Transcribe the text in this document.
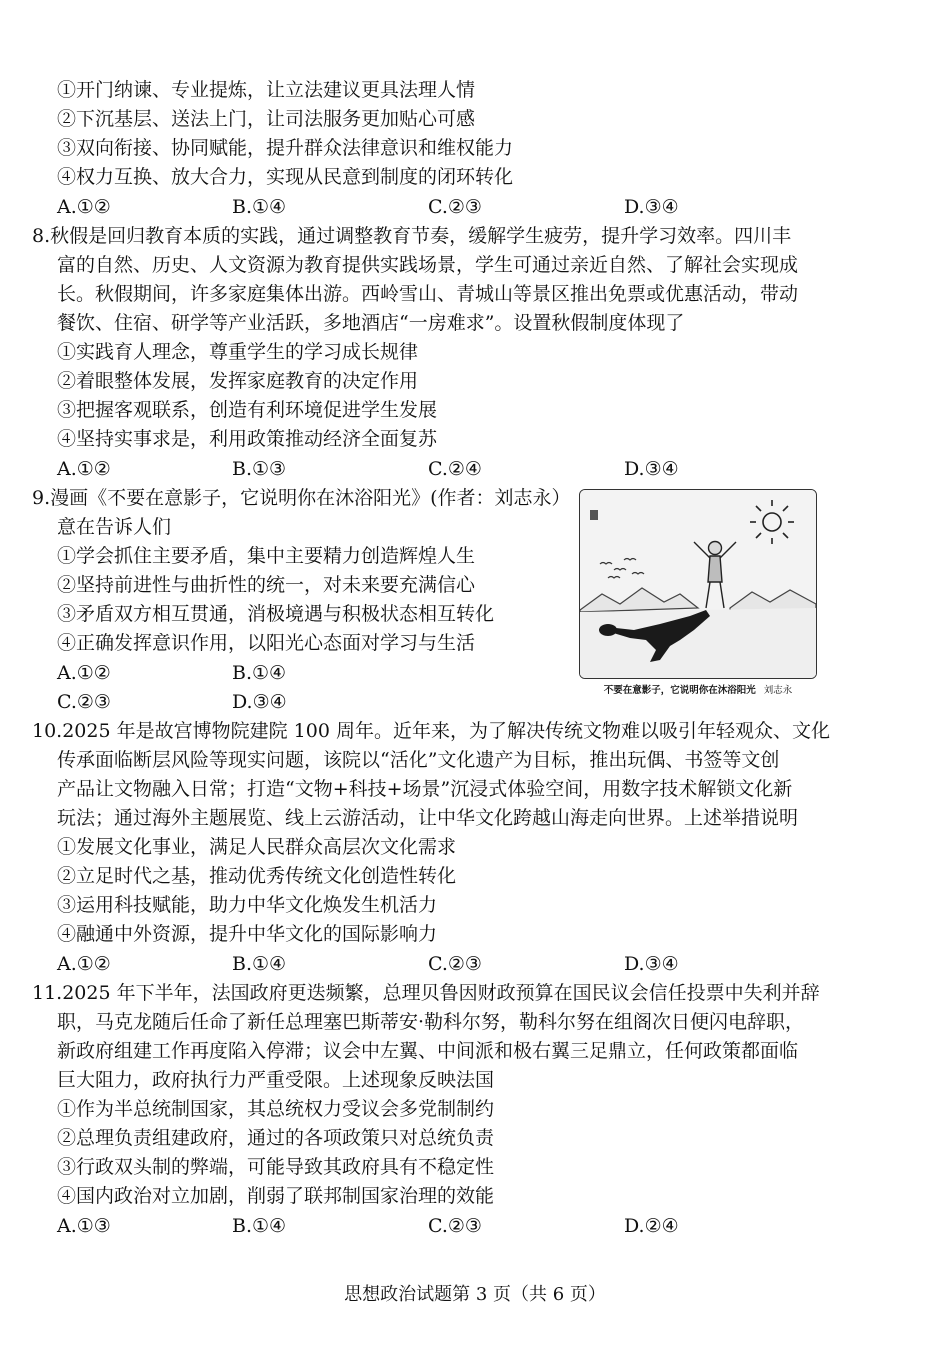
①开门纳谏、专业提炼，让立法建议更具法理人情
②下沉基层、送法上门，让司法服务更加贴心可感
③双向衔接、协同赋能，提升群众法律意识和维权能力
④权力互换、放大合力，实现从民意到制度的闭环转化
A.①②	B.①④	C.②③	D.③④
8.秋假是回归教育本质的实践，通过调整教育节奏，缓解学生疲劳，提升学习效率。四川丰
富的自然、历史、人文资源为教育提供实践场景，学生可通过亲近自然、了解社会实现成
长。秋假期间，许多家庭集体出游。西岭雪山、青城山等景区推出免票或优惠活动，带动
餐饮、住宿、研学等产业活跃，多地酒店“一房难求”。设置秋假制度体现了
①实践育人理念，尊重学生的学习成长规律
②着眼整体发展，发挥家庭教育的决定作用
③把握客观联系，创造有利环境促进学生发展
④坚持实事求是，利用政策推动经济全面复苏
A.①②	B.①③	C.②④	D.③④
9.漫画《不要在意影子，它说明你在沐浴阳光》(作者：刘志永）
意在告诉人们
①学会抓住主要矛盾，集中主要精力创造辉煌人生
②坚持前进性与曲折性的统一，对未来要充满信心
③矛盾双方相互贯通，消极境遇与积极状态相互转化
④正确发挥意识作用，以阳光心态面对学习与生活
A.①②	B.①④
C.②③	D.③④
不要在意影子，它说明你在沐浴阳光 刘志永
10.2025 年是故宫博物院建院 100 周年。近年来，为了解决传统文物难以吸引年轻观众、文化
传承面临断层风险等现实问题，该院以“活化”文化遗产为目标，推出玩偶、书签等文创
产品让文物融入日常；打造“文物+科技+场景”沉浸式体验空间，用数字技术解锁文化新
玩法；通过海外主题展览、线上云游活动，让中华文化跨越山海走向世界。上述举措说明
①发展文化事业，满足人民群众高层次文化需求
②立足时代之基，推动优秀传统文化创造性转化
③运用科技赋能，助力中华文化焕发生机活力
④融通中外资源，提升中华文化的国际影响力
A.①②	B.①④	C.②③	D.③④
11.2025 年下半年，法国政府更迭频繁，总理贝鲁因财政预算在国民议会信任投票中失利并辞
职，马克龙随后任命了新任总理塞巴斯蒂安·勒科尔努，勒科尔努在组阁次日便闪电辞职，
新政府组建工作再度陷入停滞；议会中左翼、中间派和极右翼三足鼎立，任何政策都面临
巨大阻力，政府执行力严重受限。上述现象反映法国
①作为半总统制国家，其总统权力受议会多党制制约
②总理负责组建政府，通过的各项政策只对总统负责
③行政双头制的弊端，可能导致其政府具有不稳定性
④国内政治对立加剧，削弱了联邦制国家治理的效能
A.①③	B.①④	C.②③	D.②④
思想政治试题第 3 页（共 6 页）
